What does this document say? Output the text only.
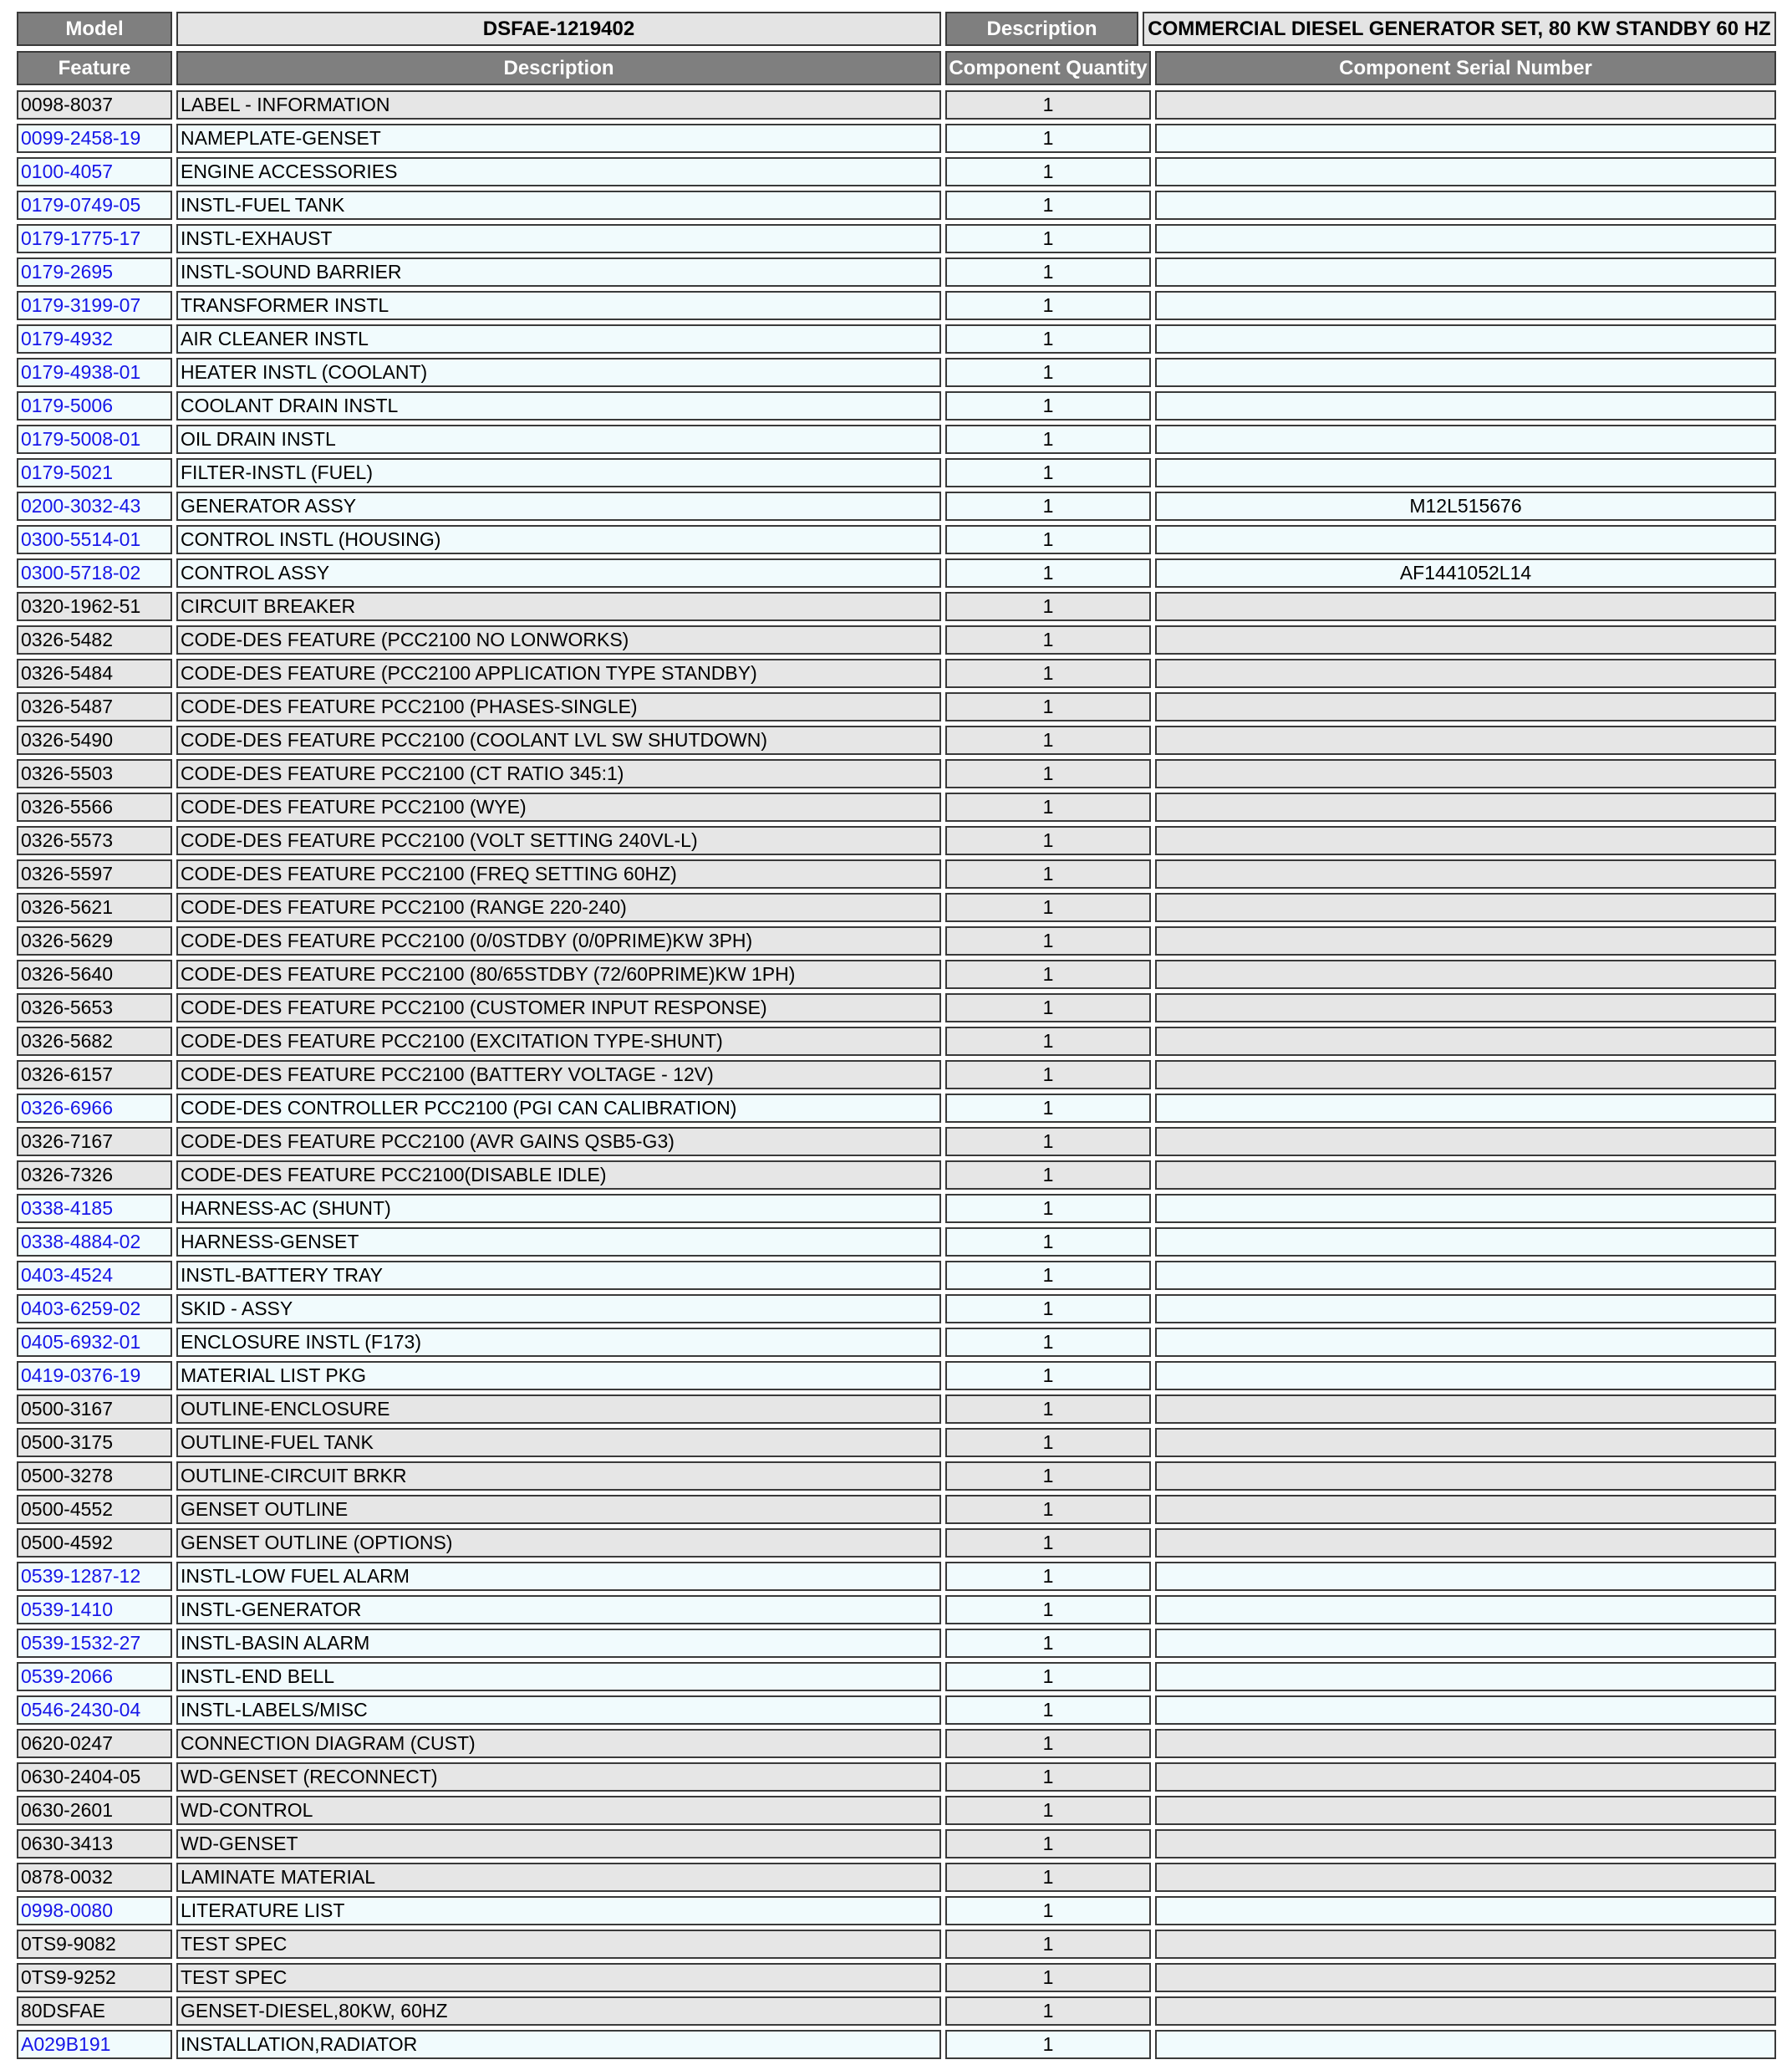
Model	DSFAE-1219402	Description	COMMERCIAL DIESEL GENERATOR SET, 80 KW STANDBY 60 HZ
Feature	Description	Component Quantity	Component Serial Number
0098-8037	LABEL - INFORMATION	1
0099-2458-19	NAMEPLATE-GENSET	1
0100-4057	ENGINE ACCESSORIES	1
0179-0749-05	INSTL-FUEL TANK	1
0179-1775-17	INSTL-EXHAUST	1
0179-2695	INSTL-SOUND BARRIER	1
0179-3199-07	TRANSFORMER INSTL	1
0179-4932	AIR CLEANER INSTL	1
0179-4938-01	HEATER INSTL (COOLANT)	1
0179-5006	COOLANT DRAIN INSTL	1
0179-5008-01	OIL DRAIN INSTL	1
0179-5021	FILTER-INSTL (FUEL)	1
0200-3032-43	GENERATOR ASSY	1	M12L515676
0300-5514-01	CONTROL INSTL (HOUSING)	1
0300-5718-02	CONTROL ASSY	1	AF1441052L14
0320-1962-51	CIRCUIT BREAKER	1
0326-5482	CODE-DES FEATURE (PCC2100 NO LONWORKS)	1
0326-5484	CODE-DES FEATURE (PCC2100 APPLICATION TYPE STANDBY)	1
0326-5487	CODE-DES FEATURE PCC2100 (PHASES-SINGLE)	1
0326-5490	CODE-DES FEATURE PCC2100 (COOLANT LVL SW SHUTDOWN)	1
0326-5503	CODE-DES FEATURE PCC2100 (CT RATIO 345:1)	1
0326-5566	CODE-DES FEATURE PCC2100 (WYE)	1
0326-5573	CODE-DES FEATURE PCC2100 (VOLT SETTING 240VL-L)	1
0326-5597	CODE-DES FEATURE PCC2100 (FREQ SETTING 60HZ)	1
0326-5621	CODE-DES FEATURE PCC2100 (RANGE 220-240)	1
0326-5629	CODE-DES FEATURE PCC2100 (0/0STDBY (0/0PRIME)KW 3PH)	1
0326-5640	CODE-DES FEATURE PCC2100 (80/65STDBY (72/60PRIME)KW 1PH)	1
0326-5653	CODE-DES FEATURE PCC2100 (CUSTOMER INPUT RESPONSE)	1
0326-5682	CODE-DES FEATURE PCC2100 (EXCITATION TYPE-SHUNT)	1
0326-6157	CODE-DES FEATURE PCC2100 (BATTERY VOLTAGE - 12V)	1
0326-6966	CODE-DES CONTROLLER PCC2100 (PGI CAN CALIBRATION)	1
0326-7167	CODE-DES FEATURE PCC2100 (AVR GAINS QSB5-G3)	1
0326-7326	CODE-DES FEATURE PCC2100(DISABLE IDLE)	1
0338-4185	HARNESS-AC (SHUNT)	1
0338-4884-02	HARNESS-GENSET	1
0403-4524	INSTL-BATTERY TRAY	1
0403-6259-02	SKID - ASSY	1
0405-6932-01	ENCLOSURE INSTL (F173)	1
0419-0376-19	MATERIAL LIST PKG	1
0500-3167	OUTLINE-ENCLOSURE	1
0500-3175	OUTLINE-FUEL TANK	1
0500-3278	OUTLINE-CIRCUIT BRKR	1
0500-4552	GENSET OUTLINE	1
0500-4592	GENSET OUTLINE (OPTIONS)	1
0539-1287-12	INSTL-LOW FUEL ALARM	1
0539-1410	INSTL-GENERATOR	1
0539-1532-27	INSTL-BASIN ALARM	1
0539-2066	INSTL-END BELL	1
0546-2430-04	INSTL-LABELS/MISC	1
0620-0247	CONNECTION DIAGRAM (CUST)	1
0630-2404-05	WD-GENSET (RECONNECT)	1
0630-2601	WD-CONTROL	1
0630-3413	WD-GENSET	1
0878-0032	LAMINATE MATERIAL	1
0998-0080	LITERATURE LIST	1
0TS9-9082	TEST SPEC	1
0TS9-9252	TEST SPEC	1
80DSFAE	GENSET-DIESEL,80KW, 60HZ	1
A029B191	INSTALLATION,RADIATOR	1
